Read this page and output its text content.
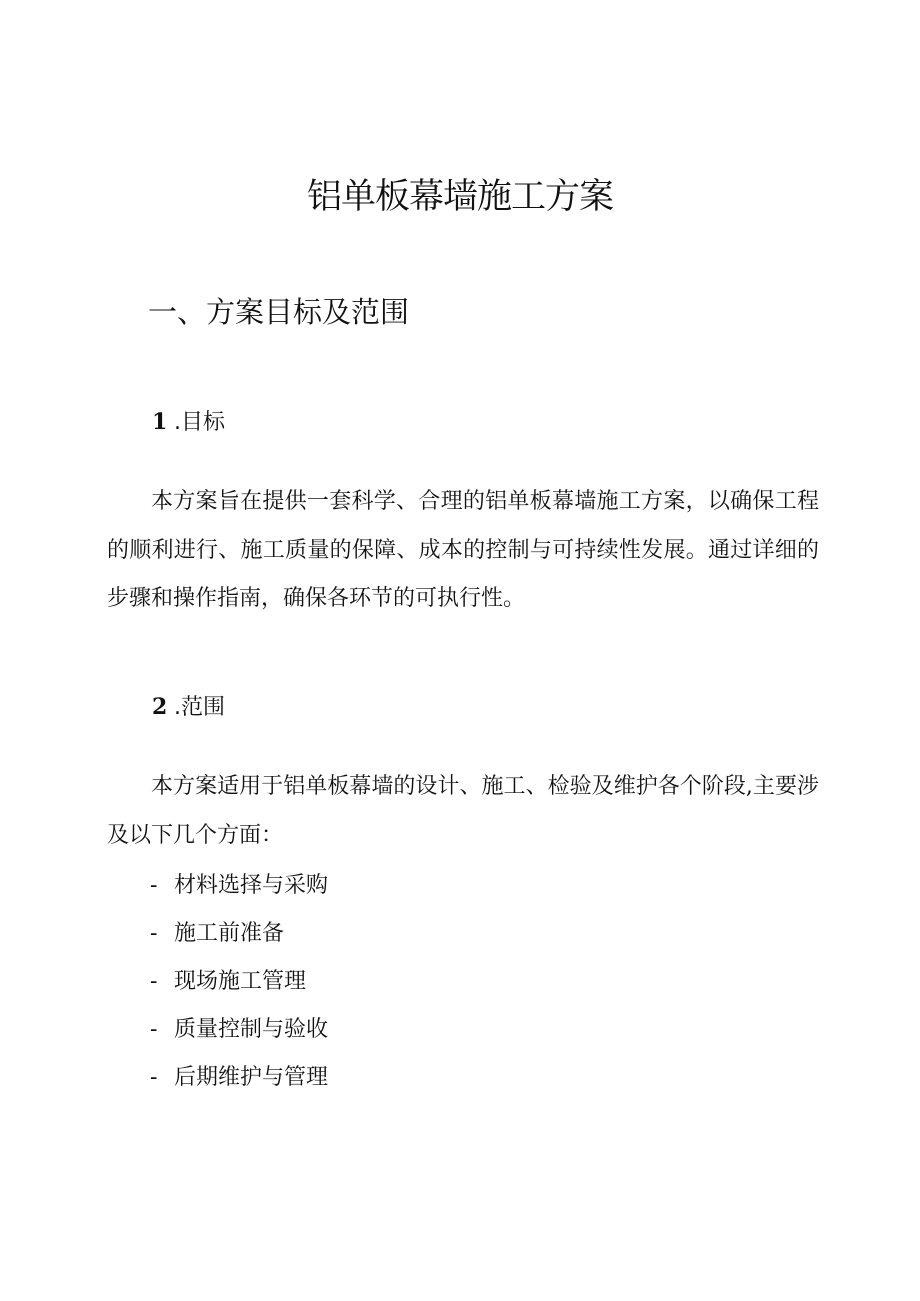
铝单板幕墙施工方案
一、方案目标及范围
1 .目标

本方案旨在提供一套科学、合理的铝单板幕墙施工方案，以确保工程的顺利进行、施工质量的保障、成本的控制与可持续性发展。通过详细的步骤和操作指南，确保各环节的可执行性。

2 .范围

本方案适用于铝单板幕墙的设计、施工、检验及维护各个阶段,主要涉及以下几个方面：

- 材料选择与采购
- 施工前准备
- 现场施工管理
- 质量控制与验收
- 后期维护与管理
